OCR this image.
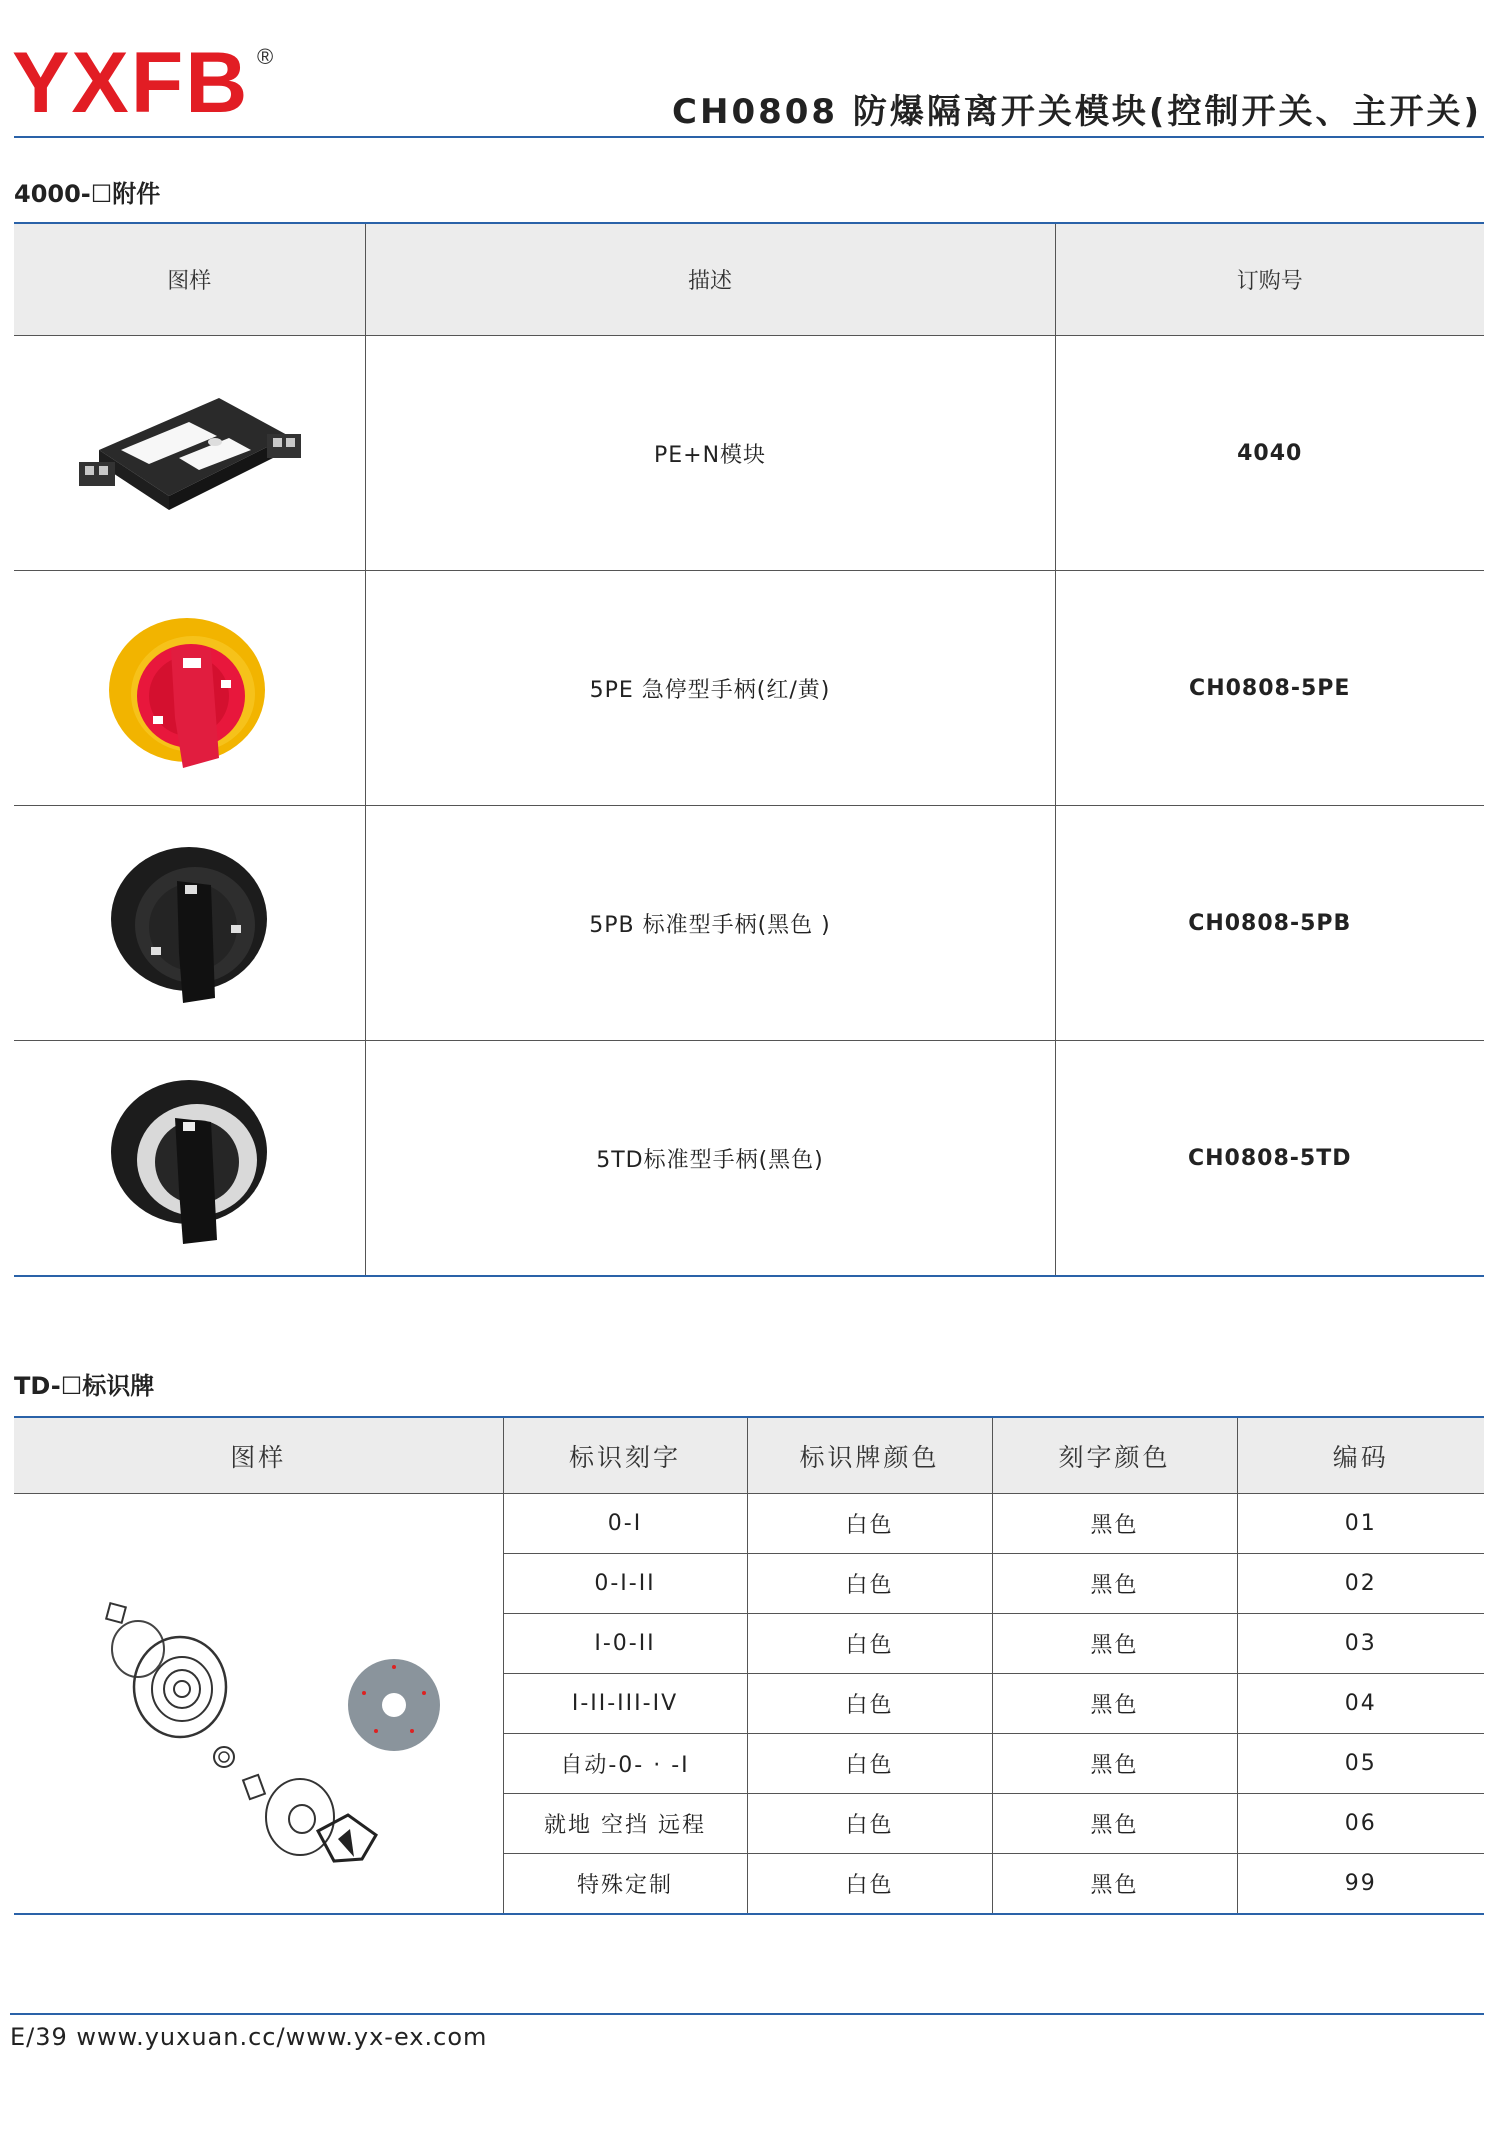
YXFB ®
CH0808 防爆隔离开关模块(控制开关、主开关)
4000-☐附件
图样	描述	订购号

	PE+N模块	4040

	5PE 急停型手柄(红/黄)	CH0808-5PE

	5PB 标准型手柄(黑色 )	CH0808-5PB

	5TD标准型手柄(黑色)	CH0808-5TD
TD-☐标识牌
图样	标识刻字	标识牌颜色	刻字颜色	编码

	0-I	白色	黑色	01
	0-I-II	白色	黑色	02
	I-0-II	白色	黑色	03
	I-II-III-IV	白色	黑色	04
	自动-0- · -I	白色	黑色	05
	就地 空挡 远程	白色	黑色	06
	特殊定制	白色	黑色	99
E/39 www.yuxuan.cc/www.yx-ex.com
